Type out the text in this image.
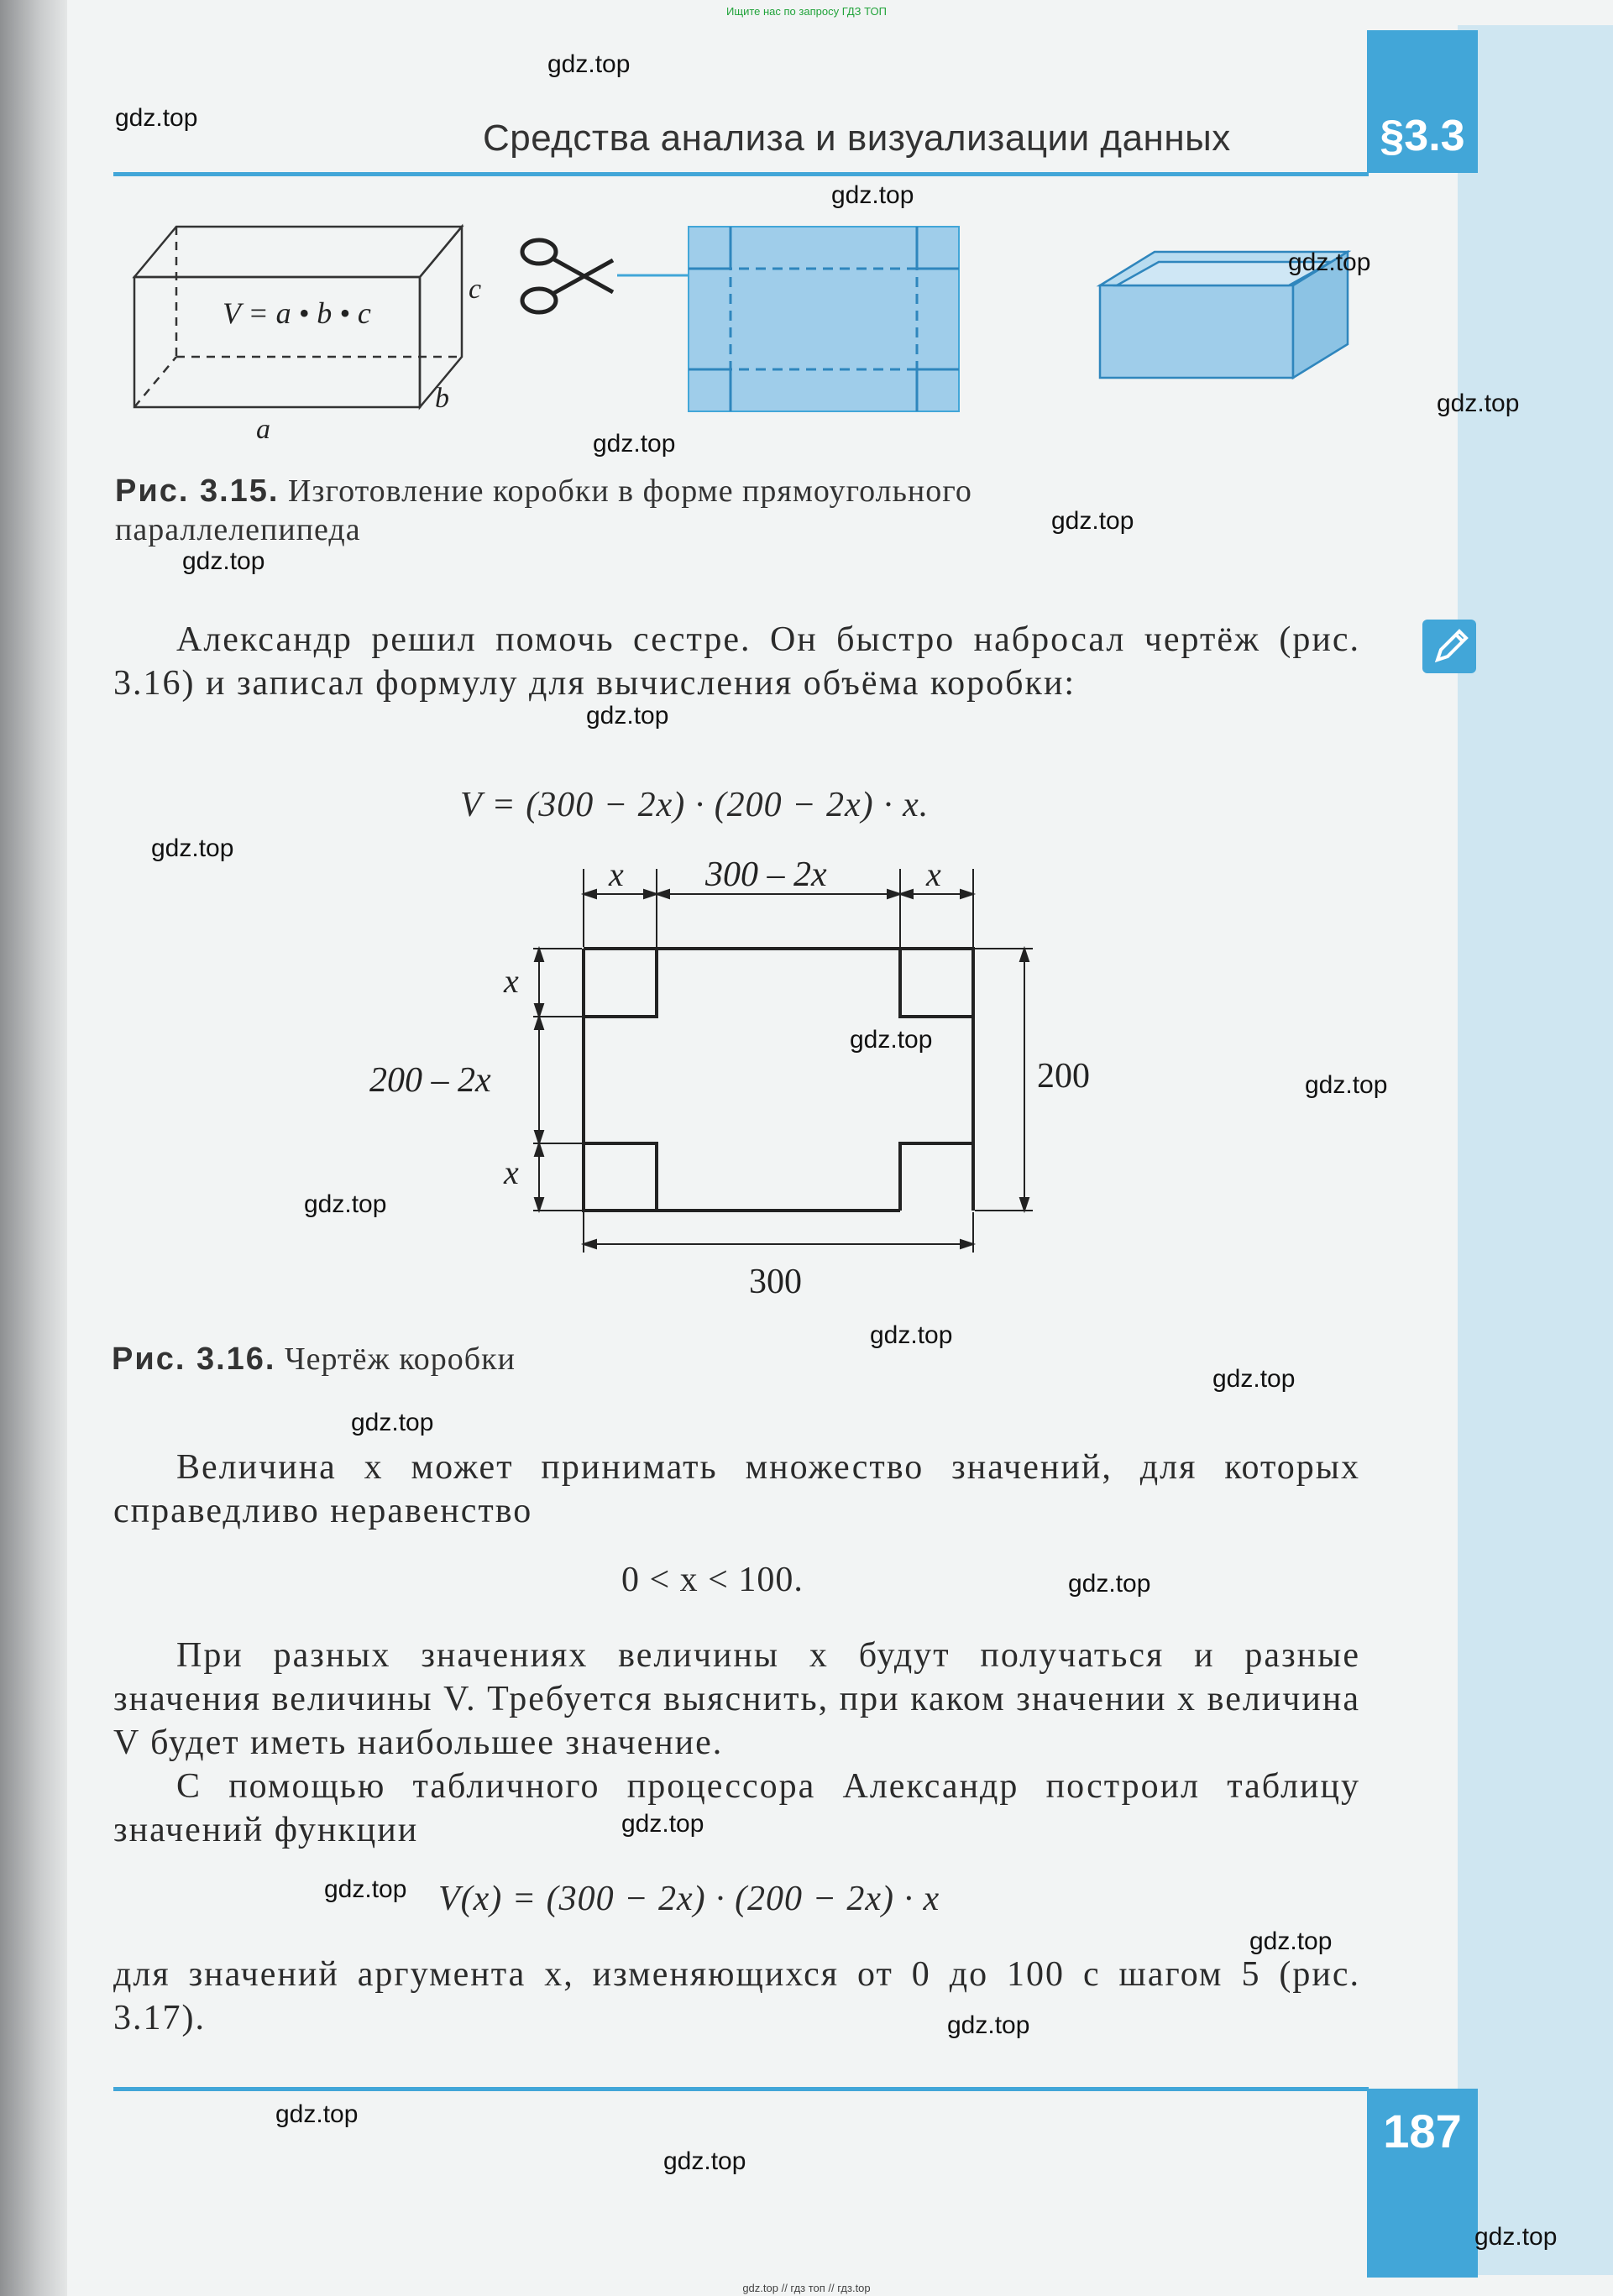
Ищите нас по запросу ГДЗ ТОП
§3.3
Средства анализа и визуализации данных
V = a • b • c
a
b
c
Рис. 3.15. Изготовление коробки в форме прямоугольного
параллелепипеда
Александр решил помочь сестре. Он быстро набросал чертёж (рис. 3.16) и записал формулу для вычисления объёма коробки:
V = (300 − 2x) · (200 − 2x) · x.
x 300 – 2x	x
x
200 – 2x
x
200
300
Рис. 3.16. Чертёж коробки
Величина x может принимать множество значений, для которых справедливо неравенство
0 < x < 100.
При разных значениях величины x будут получаться и разные значения величины V. Требуется выяснить, при каком значении x величина V будет иметь наибольшее значение.
С помощью табличного процессора Александр построил таблицу значений функции
V(x) = (300 − 2x) · (200 − 2x) · x
для значений аргумента x, изменяющихся от 0 до 100 с шагом 5 (рис. 3.17).
187
gdz.top
gdz.top
gdz.top
gdz.top
gdz.top
gdz.top
gdz.top
gdz.top
gdz.top
gdz.top
gdz.top
gdz.top
gdz.top
gdz.top
gdz.top
gdz.top
gdz.top
gdz.top
gdz.top
gdz.top
gdz.top
gdz.top
gdz.top
gdz.top
gdz.top // гдз топ // гдз.top
